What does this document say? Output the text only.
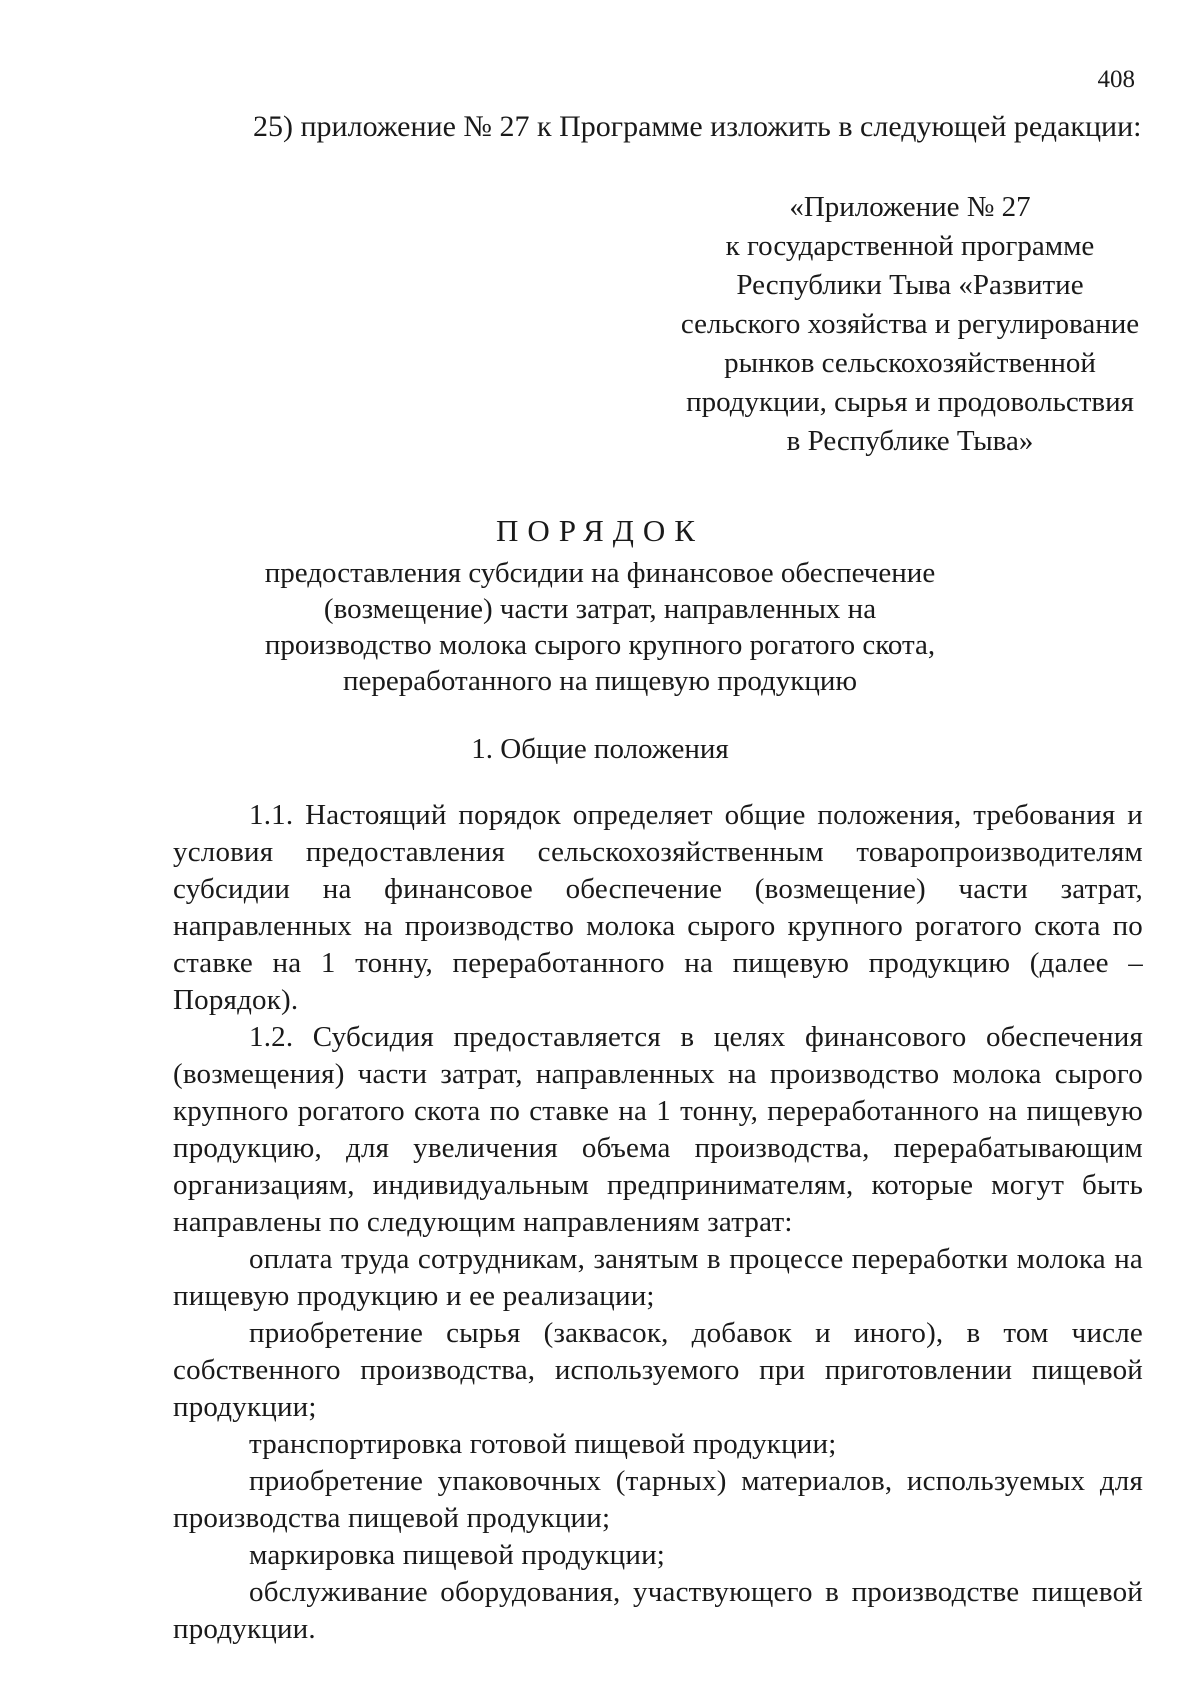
408
25) приложение № 27 к Программе изложить в следующей редакции:
«Приложение № 27
к государственной программе
Республики Тыва «Развитие
сельского хозяйства и регулирование
рынков сельскохозяйственной
продукции, сырья и продовольствия
в Республике Тыва»
ПОРЯДОК
предоставления субсидии на финансовое обеспечение
(возмещение) части затрат, направленных на
производство молока сырого крупного рогатого скота,
переработанного на пищевую продукцию
1. Общие положения

1.1. Настоящий порядок определяет общие положения, требования и условия предоставления сельскохозяйственным товаропроизводителям субсидии на финансовое обеспечение (возмещение) части затрат, направленных на производство молока сырого крупного рогатого скота по ставке на 1 тонну, переработанного на пищевую продукцию (далее – Порядок).

1.2. Субсидия предоставляется в целях финансового обеспечения (возмещения) части затрат, направленных на производство молока сырого крупного рогатого скота по ставке на 1 тонну, переработанного на пищевую продукцию, для увеличения объема производства, перерабатывающим организациям, индивидуальным предпринимателям, которые могут быть направлены по следующим направлениям затрат:

оплата труда сотрудникам, занятым в процессе переработки молока на пищевую продукцию и ее реализации;

приобретение сырья (заквасок, добавок и иного), в том числе собственного производства, используемого при приготовлении пищевой продукции;

транспортировка готовой пищевой продукции;

приобретение упаковочных (тарных) материалов, используемых для производства пищевой продукции;

маркировка пищевой продукции;

обслуживание оборудования, участвующего в производстве пищевой продукции.
